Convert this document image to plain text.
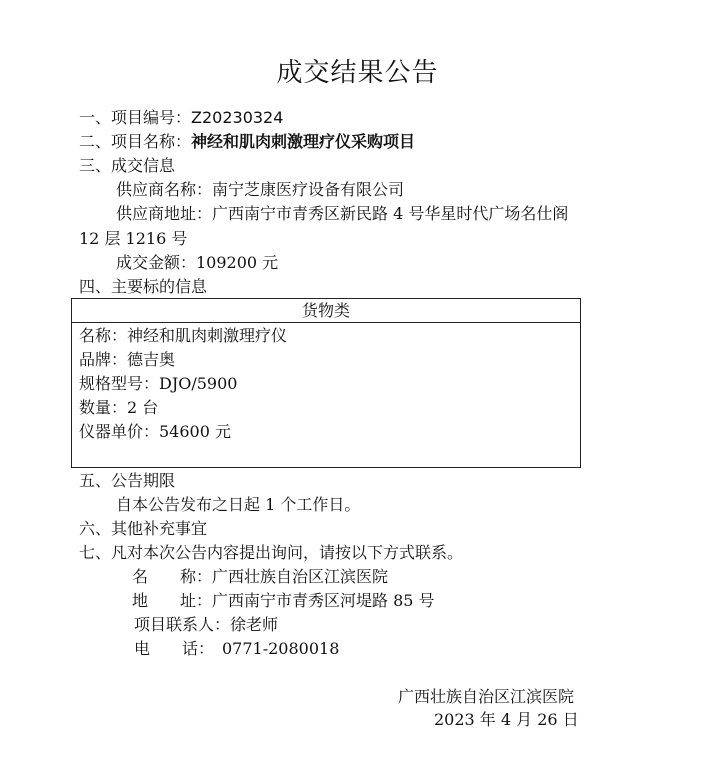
成交结果公告
一、项目编号：Z20230324
二、项目名称：神经和肌肉刺激理疗仪采购项目
三、成交信息
供应商名称：南宁芝康医疗设备有限公司
供应商地址：广西南宁市青秀区新民路 4 号华星时代广场名仕阁
12 层 1216 号
成交金额：109200 元
四、主要标的信息
货物类
名称：神经和肌肉刺激理疗仪
品牌：德吉奥
规格型号：DJO/5900
数量：2 台
仪器单价：54600 元
五、公告期限
自本公告发布之日起 1 个工作日。
六、其他补充事宜
七、凡对本次公告内容提出询问，请按以下方式联系。
名　　称：广西壮族自治区江滨医院
地　　址：广西南宁市青秀区河堤路 85 号
项目联系人：徐老师
电　　话：　0771-2080018
广西壮族自治区江滨医院
2023 年 4 月 26 日
